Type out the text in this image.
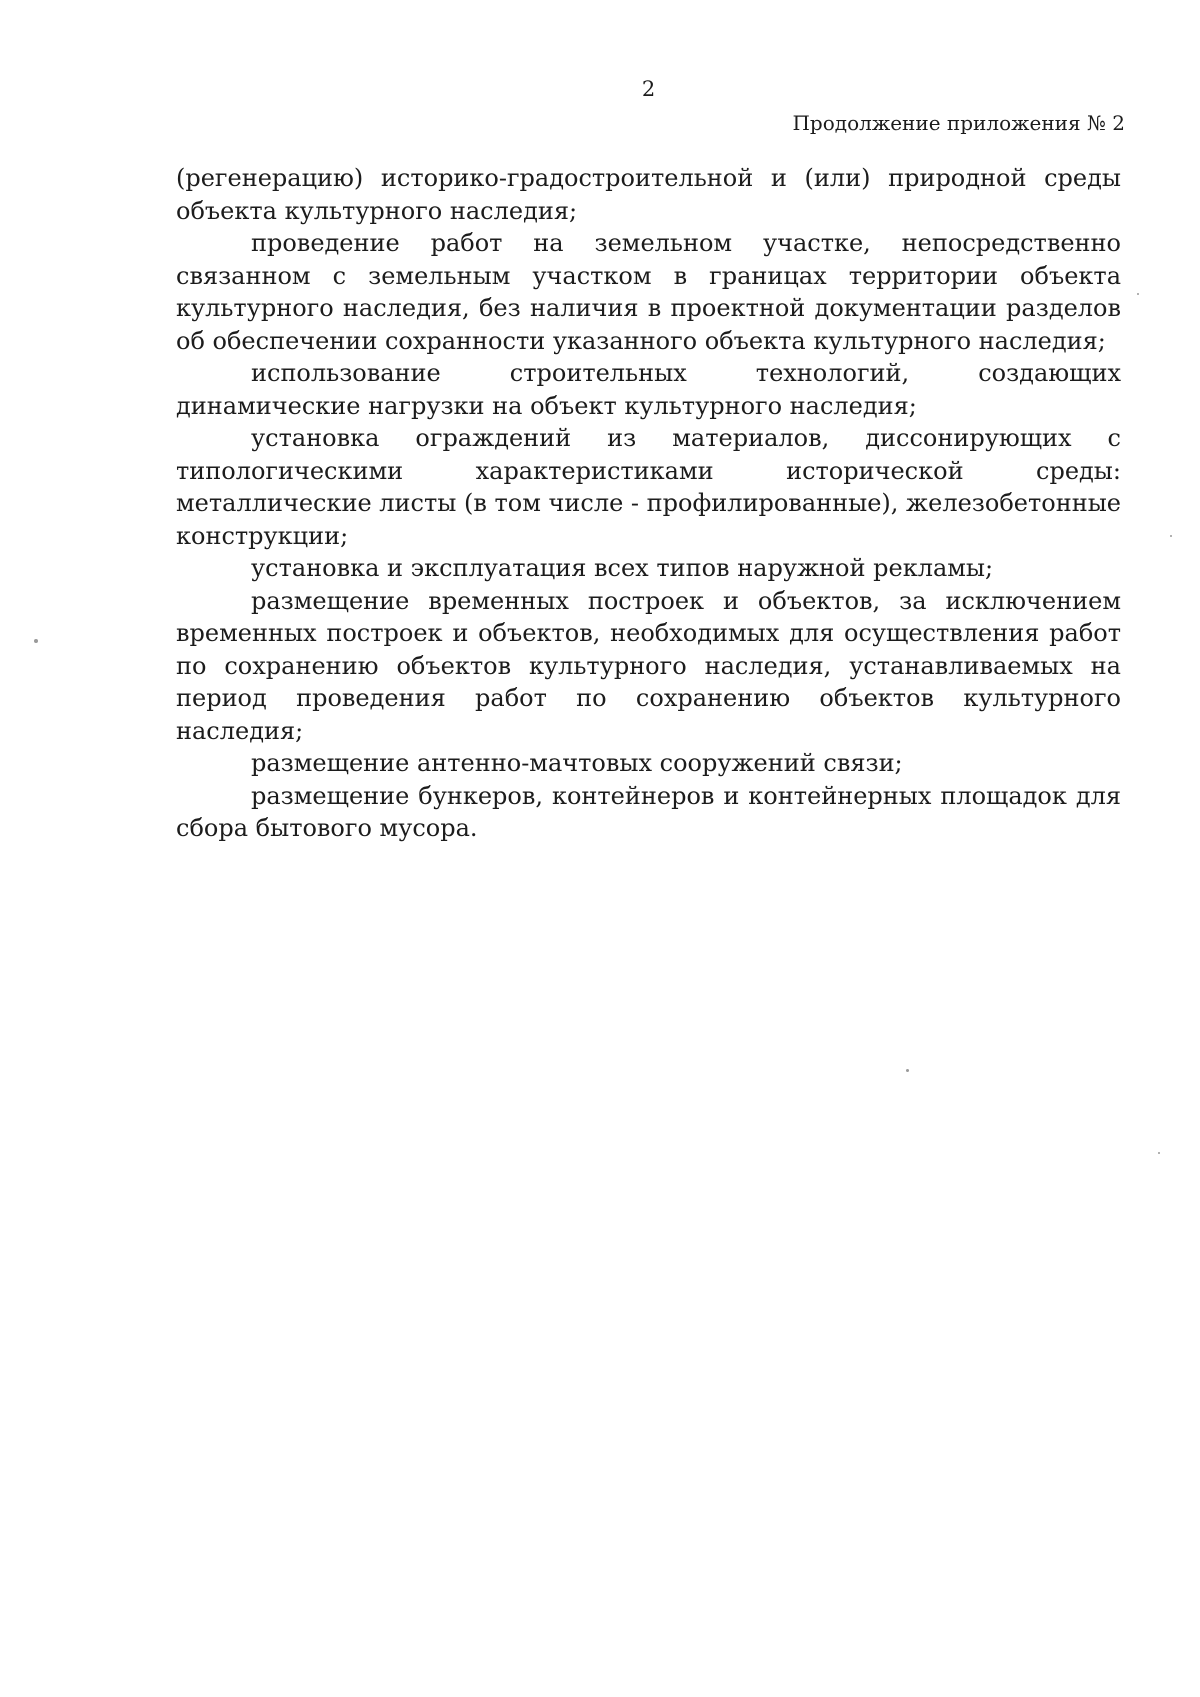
2
Продолжение приложения № 2

(регенерацию) историко-градостроительной и (или) природной среды объекта культурного наследия;

проведение работ на земельном участке, непосредственно связанном с земельным участком в границах территории объекта культурного наследия, без наличия в проектной документации разделов об обеспечении сохранности указанного объекта культурного наследия;

использование строительных технологий, создающих динамические нагрузки на объект культурного наследия;

установка ограждений из материалов, диссонирующих с типологическими характеристиками исторической среды: металлические листы (в том числе - профилированные), железобетонные конструкции;

установка и эксплуатация всех типов наружной рекламы;

размещение временных построек и объектов, за исключением временных построек и объектов, необходимых для осуществления работ по сохранению объектов культурного наследия, устанавливаемых на период проведения работ по сохранению объектов культурного наследия;

размещение антенно-мачтовых сооружений связи;

размещение бункеров, контейнеров и контейнерных площадок для сбора бытового мусора.
